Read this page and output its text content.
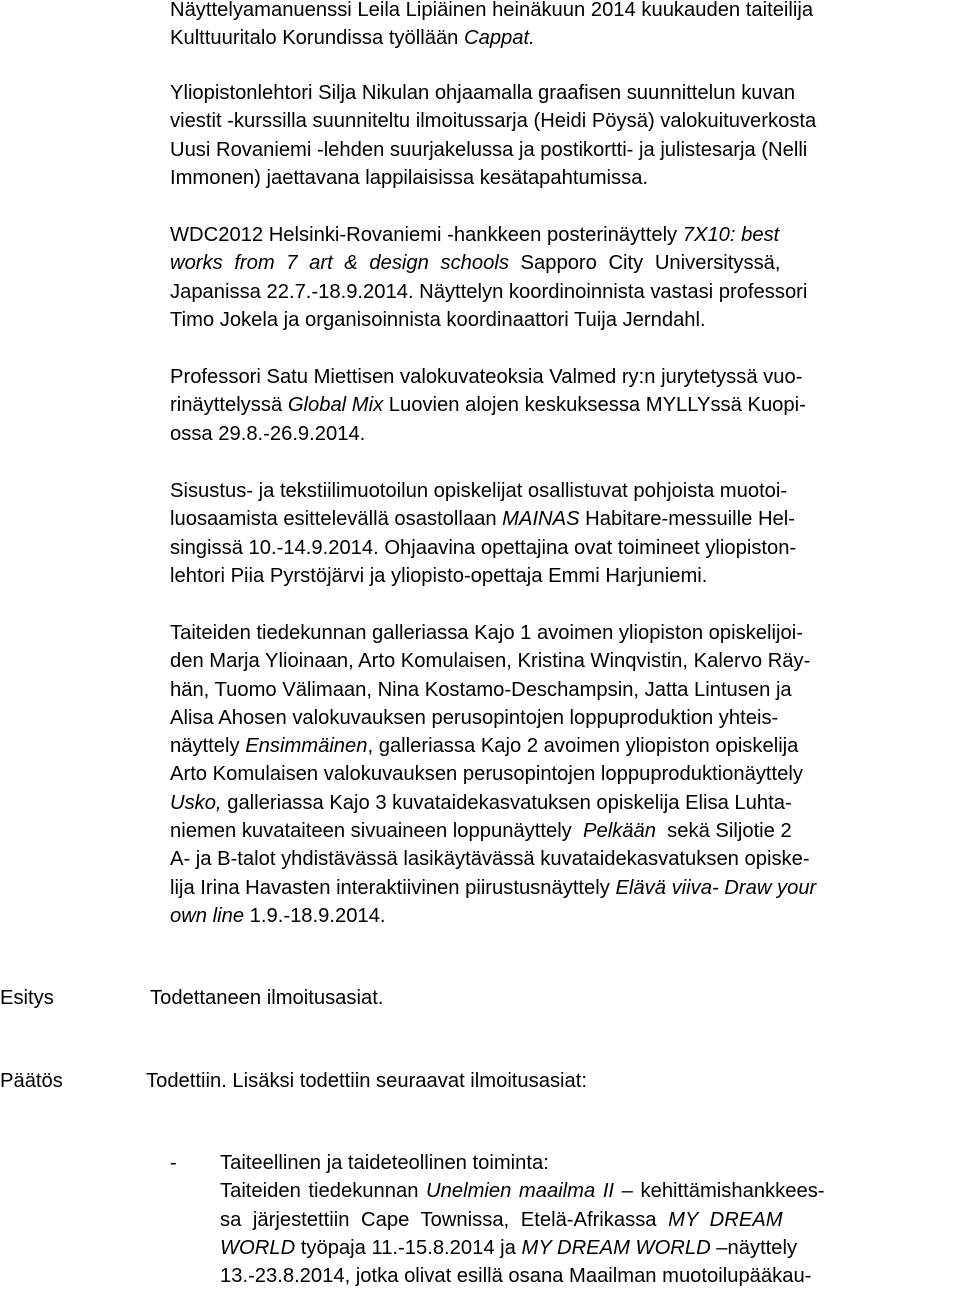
Näyttelyamanuenssi Leila Lipiäinen heinäkuun 2014 kuukauden taiteilija
Kulttuuritalo Korundissa työllään Cappat.
Yliopistonlehtori Silja Nikulan ohjaamalla graafisen suunnittelun kuvan
viestit -kurssilla suunniteltu ilmoitussarja (Heidi Pöysä) valokuituverkosta
Uusi Rovaniemi -lehden suurjakelussa ja postikortti- ja julistesarja (Nelli
Immonen) jaettavana lappilaisissa kesätapahtumissa.
WDC2012 Helsinki-Rovaniemi -hankkeen posterinäyttely 7X10: best
works from 7 art & design schools Sapporo City Universityssä,
Japanissa 22.7.-18.9.2014. Näyttelyn koordinoinnista vastasi professori
Timo Jokela ja organisoinnista koordinaattori Tuija Jerndahl.
Professori Satu Miettisen valokuvateoksia Valmed ry:n jurytetyssä vuo-
rinäyttelyssä Global Mix Luovien alojen keskuksessa MYLLYssä Kuopi-
ossa 29.8.-26.9.2014.
Sisustus- ja tekstiilimuotoilun opiskelijat osallistuvat pohjoista muotoi-
luosaamista esittelevällä osastollaan MAINAS Habitare-messuille Hel-
singissä 10.-14.9.2014. Ohjaavina opettajina ovat toimineet yliopiston-
lehtori Piia Pyrstöjärvi ja yliopisto-opettaja Emmi Harjuniemi.
Taiteiden tiedekunnan galleriassa Kajo 1 avoimen yliopiston opiskelijoi-
den Marja Ylioinaan, Arto Komulaisen, Kristina Winqvistin, Kalervo Räy-
hän, Tuomo Välimaan, Nina Kostamo-Deschampsin, Jatta Lintusen ja
Alisa Ahosen valokuvauksen perusopintojen loppuproduktion yhteis-
näyttely Ensimmäinen, galleriassa Kajo 2 avoimen yliopiston opiskelija
Arto Komulaisen valokuvauksen perusopintojen loppuproduktionäyttely
Usko, galleriassa Kajo 3 kuvataidekasvatuksen opiskelija Elisa Luhta-
niemen kuvataiteen sivuaineen loppunäyttely  Pelkään  sekä Siljotie 2
A- ja B-talot yhdistävässä lasikäytävässä kuvataidekasvatuksen opiske-
lija Irina Havasten interaktiivinen piirustusnäyttely Elävä viiva- Draw your
own line 1.9.-18.9.2014.
Esitys	Todettaneen ilmoitusasiat.
Päätös	Todettiin. Lisäksi todettiin seuraavat ilmoitusasiat:
- Taiteellinen ja taideteollinen toiminta:
Taiteiden tiedekunnan Unelmien maailma II – kehittämishankkees-
sa järjestettiin Cape Townissa, Etelä-Afrikassa MY DREAM
WORLD työpaja 11.-15.8.2014 ja MY DREAM WORLD –näyttely
13.-23.8.2014, jotka olivat esillä osana Maailman muotoilupääkau-
